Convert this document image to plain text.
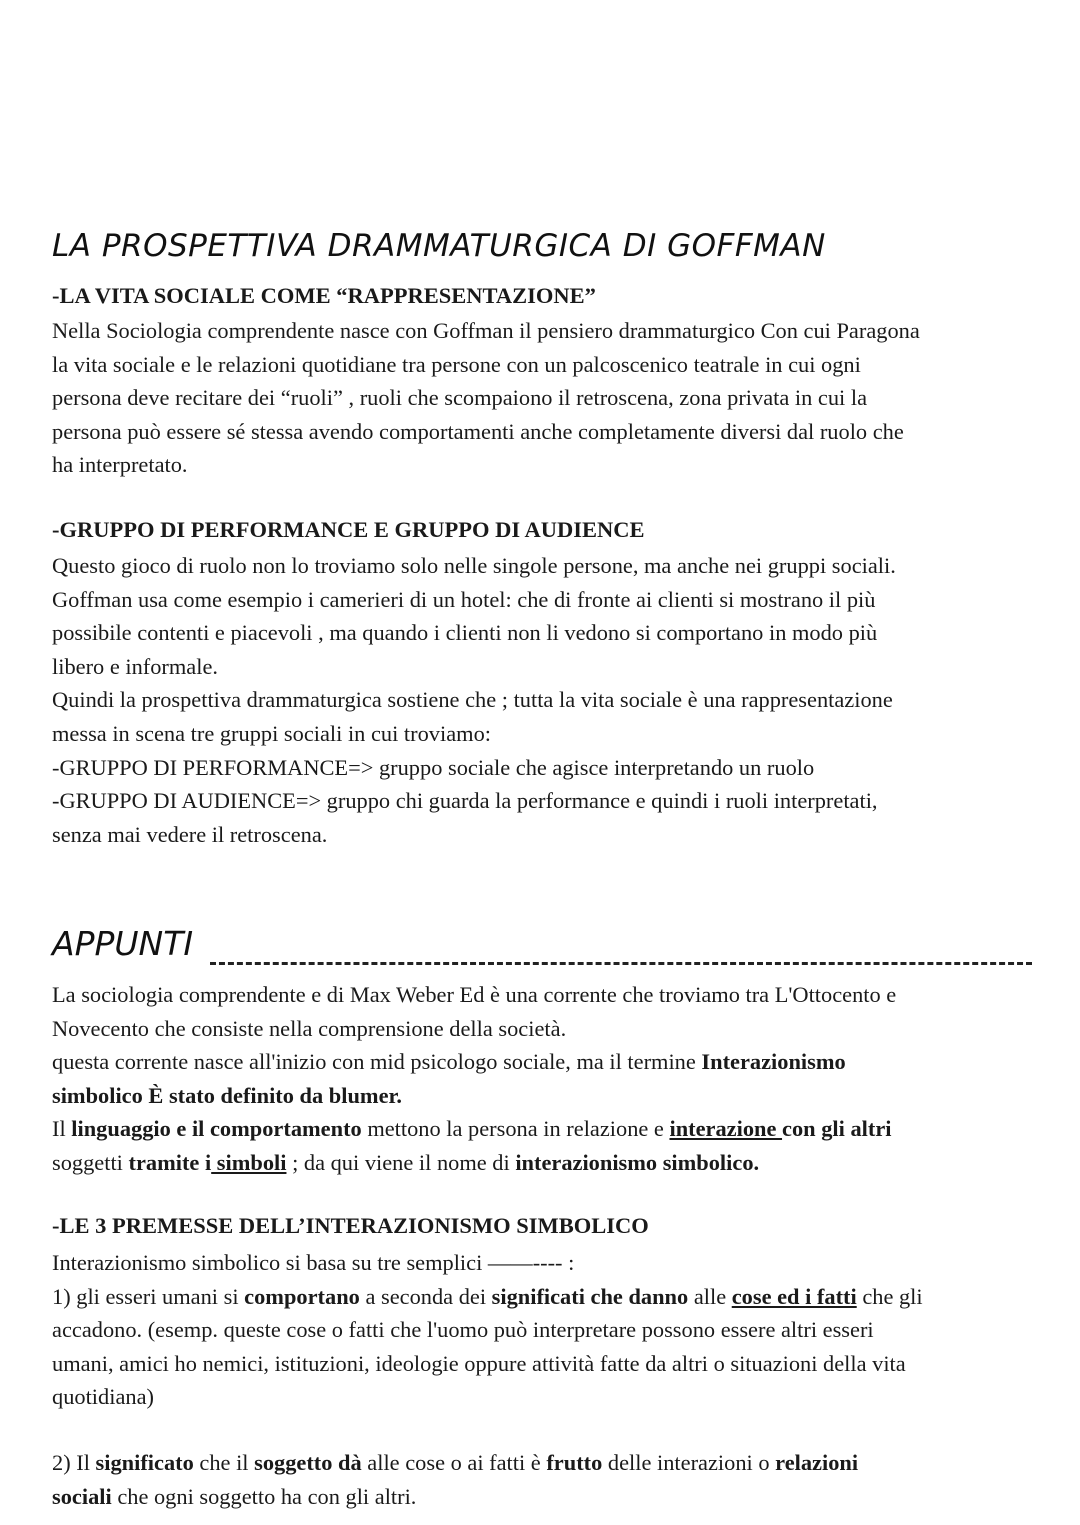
LA PROSPETTIVA DRAMMATURGICA DI GOFFMAN
-LA VITA SOCIALE COME “RAPPRESENTAZIONE”
Nella Sociologia comprendente nasce con Goffman il pensiero drammaturgico Con cui Paragona
la vita sociale e le relazioni quotidiane tra persone con un palcoscenico teatrale in cui ogni
persona deve recitare dei “ruoli” , ruoli che scompaiono il retroscena, zona privata in cui la
persona può essere sé stessa avendo comportamenti anche completamente diversi dal ruolo che
ha interpretato.
-GRUPPO DI PERFORMANCE E GRUPPO DI AUDIENCE
Questo gioco di ruolo non lo troviamo solo nelle singole persone, ma anche nei gruppi sociali.
Goffman usa come esempio i camerieri di un hotel: che di fronte ai clienti si mostrano il più
possibile contenti e piacevoli , ma quando i clienti non li vedono si comportano in modo più
libero e informale.
Quindi la prospettiva drammaturgica sostiene che ; tutta la vita sociale è una rappresentazione
messa in scena tre gruppi sociali in cui troviamo:
-GRUPPO DI PERFORMANCE=> gruppo sociale che agisce interpretando un ruolo
-GRUPPO DI AUDIENCE=> gruppo chi guarda la performance e quindi i ruoli interpretati,
senza mai vedere il retroscena.
APPUNTI
La sociologia comprendente e di Max Weber Ed è una corrente che troviamo tra L'Ottocento e
Novecento che consiste nella comprensione della società.
questa corrente nasce all'inizio con mid psicologo sociale, ma il termine Interazionismo
simbolico È stato definito da blumer.
Il linguaggio e il comportamento mettono la persona in relazione e interazione con gli altri
soggetti tramite i simboli ; da qui viene il nome di interazionismo simbolico.
-LE 3 PREMESSE DELL’INTERAZIONISMO SIMBOLICO
Interazionismo simbolico si basa su tre semplici ——---- :
1) gli esseri umani si comportano a seconda dei significati che danno alle cose ed i fatti che gli
accadono. (esemp. queste cose o fatti che l'uomo può interpretare possono essere altri esseri
umani, amici ho nemici, istituzioni, ideologie oppure attività fatte da altri o situazioni della vita
quotidiana)
2) Il significato che il soggetto dà alle cose o ai fatti è frutto delle interazioni o relazioni
sociali che ogni soggetto ha con gli altri.
